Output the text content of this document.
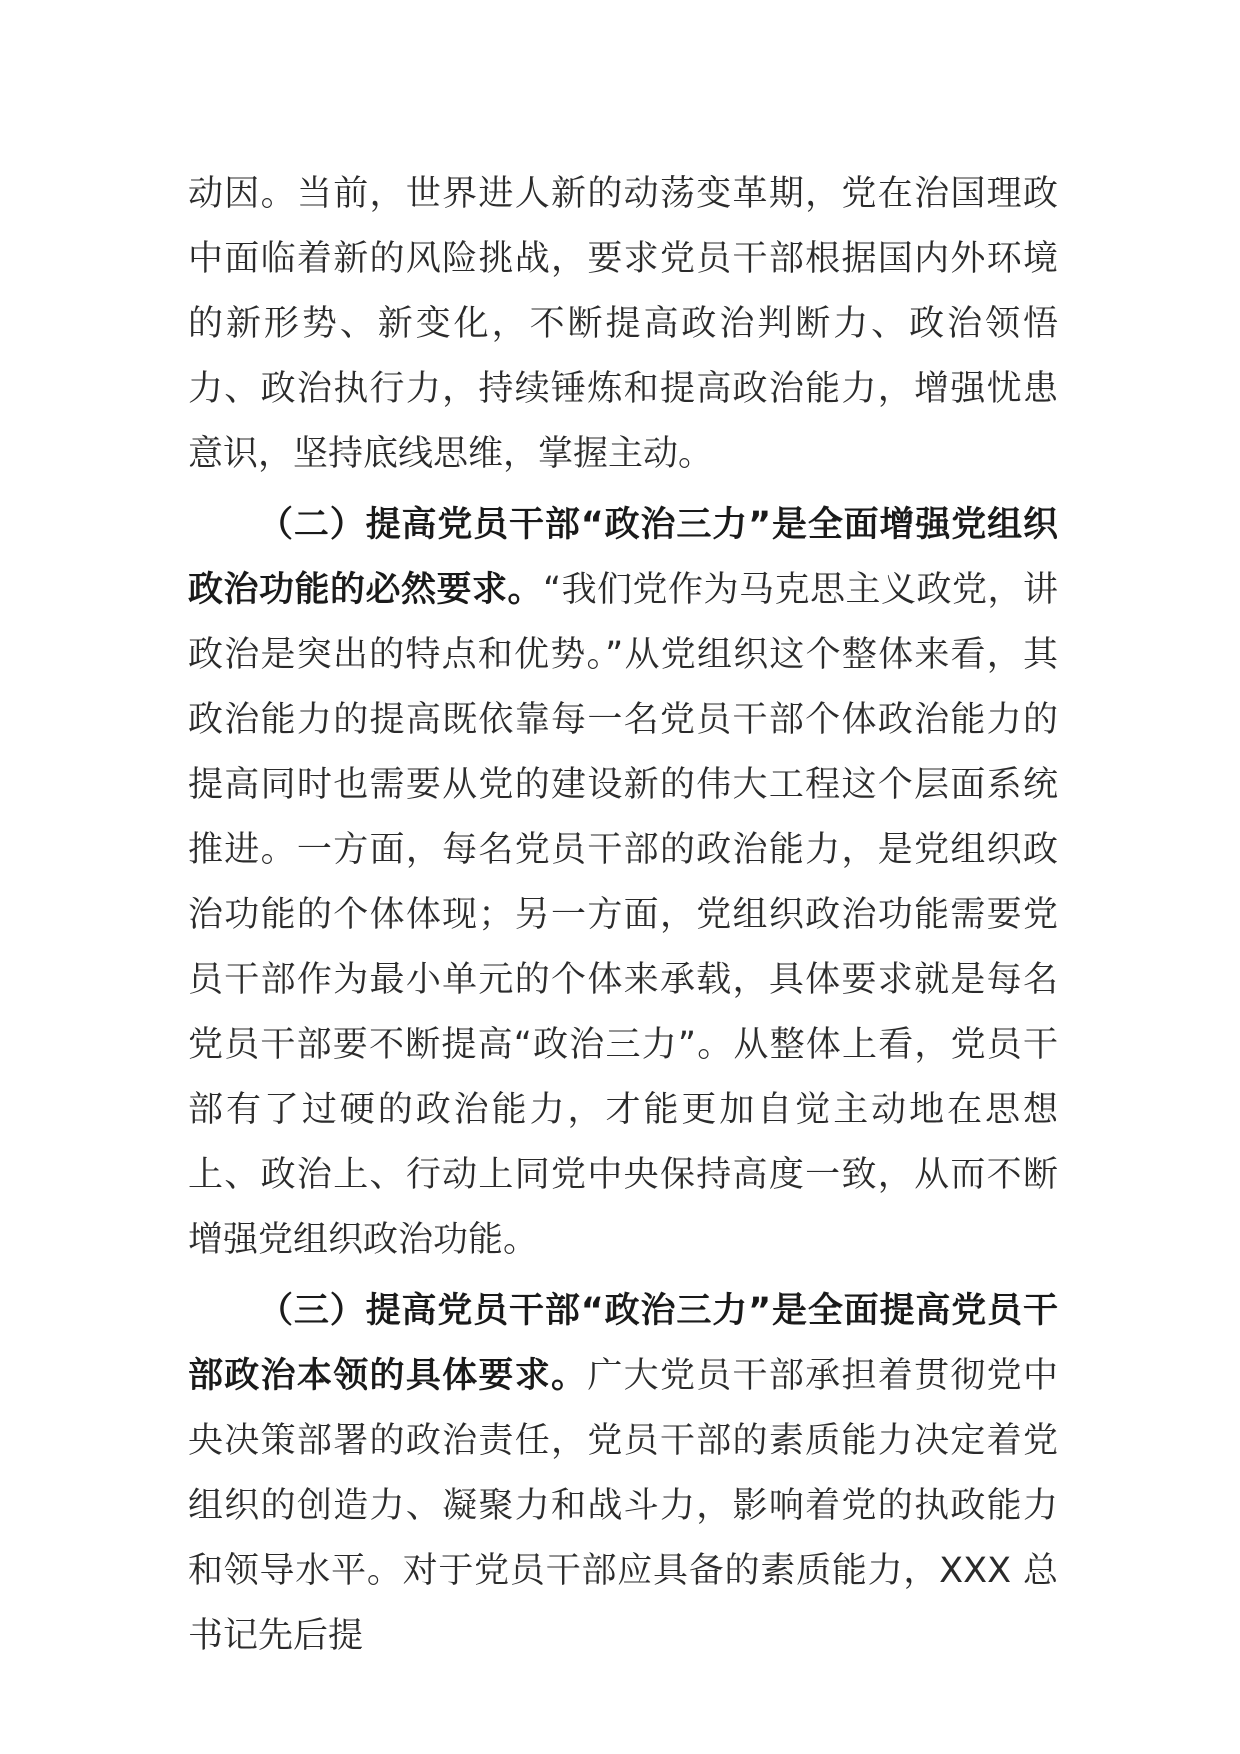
动因。当前，世界进人新的动荡变革期，党在治国理政中面临着新的风险挑战，要求党员干部根据国内外环境的新形势、新变化，不断提高政治判断力、政治领悟力、政治执行力，持续锤炼和提高政治能力，增强忧患意识，坚持底线思维，掌握主动。

（二）提高党员干部“政治三力”是全面增强党组织政治功能的必然要求。“我们党作为马克思主义政党，讲政治是突出的特点和优势。”从党组织这个整体来看，其政治能力的提高既依靠每一名党员干部个体政治能力的提高同时也需要从党的建设新的伟大工程这个层面系统推进。一方面，每名党员干部的政治能力，是党组织政治功能的个体体现；另一方面，党组织政治功能需要党员干部作为最小单元的个体来承载，具体要求就是每名党员干部要不断提高“政治三力”。从整体上看，党员干部有了过硬的政治能力，才能更加自觉主动地在思想上、政治上、行动上同党中央保持高度一致，从而不断增强党组织政治功能。

（三）提高党员干部“政治三力”是全面提高党员干部政治本领的具体要求。广大党员干部承担着贯彻党中央决策部署的政治责任，党员干部的素质能力决定着党组织的创造力、凝聚力和战斗力，影响着党的执政能力和领导水平。对于党员干部应具备的素质能力，XXX 总书记先后提
